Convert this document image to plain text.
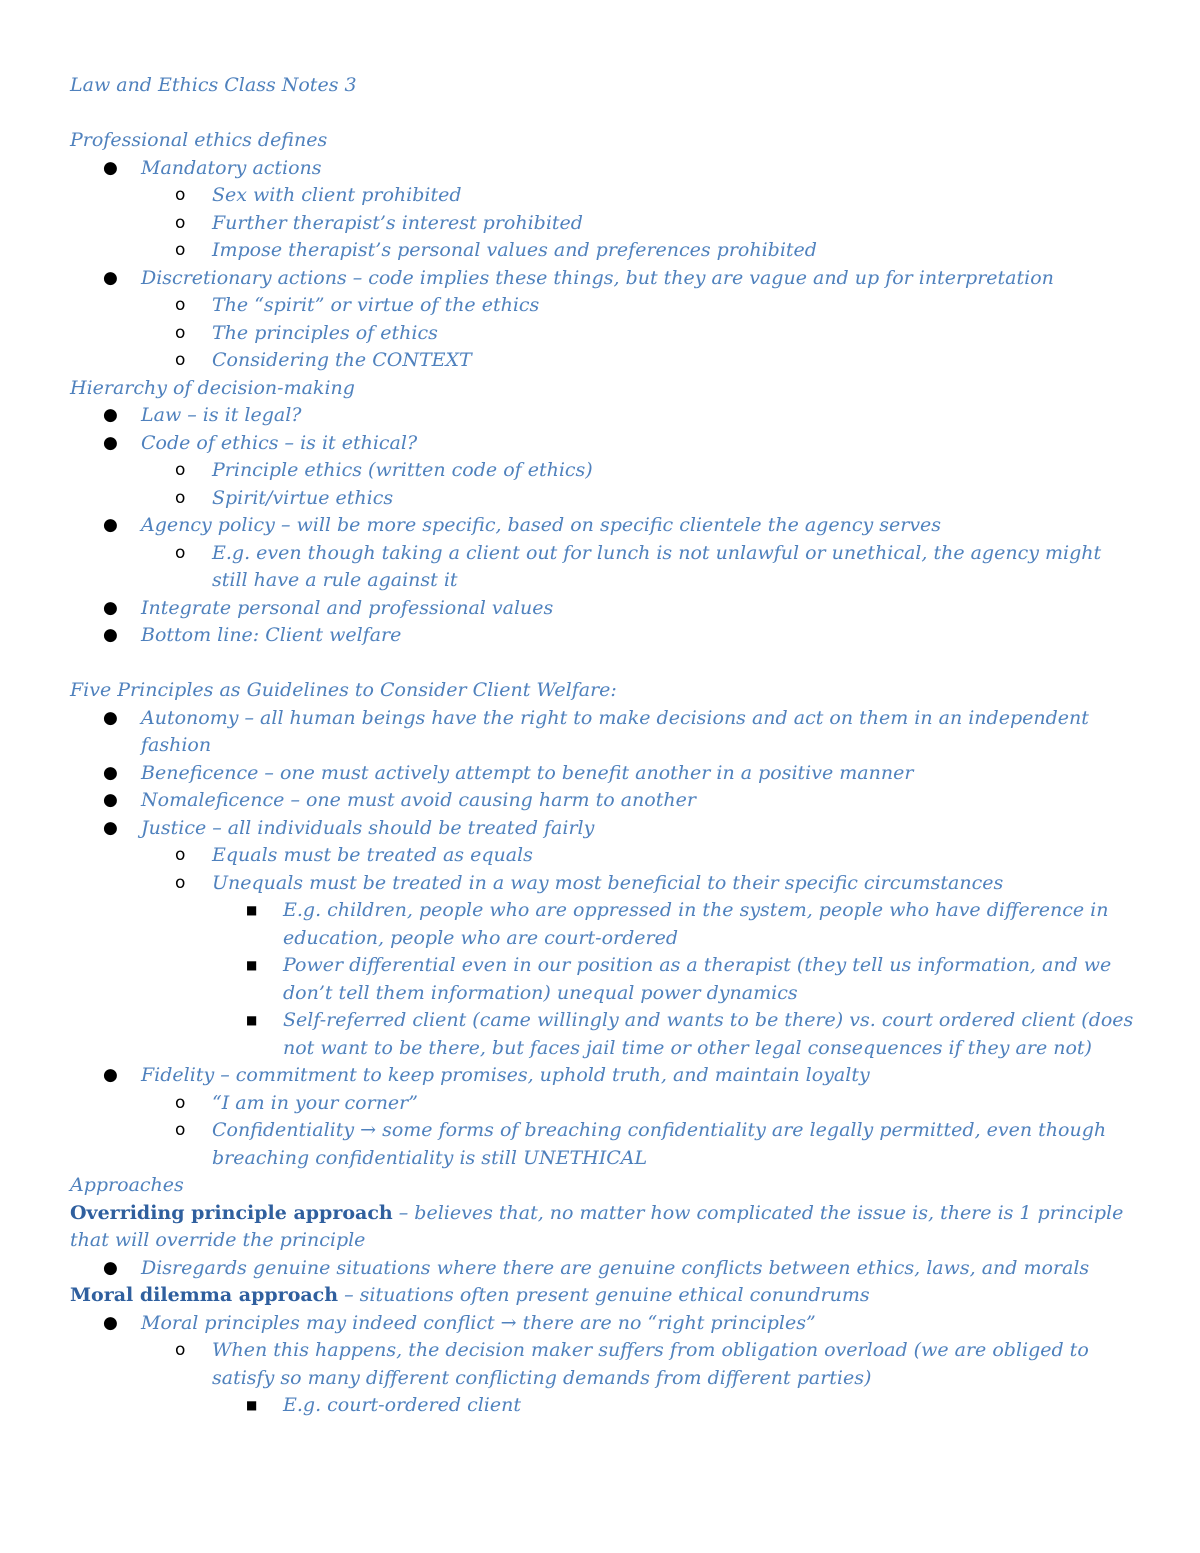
Law and Ethics Class Notes 3

Professional ethics defines

● Mandatory actions

o Sex with client prohibited

o Further therapist’s interest prohibited

o Impose therapist’s personal values and preferences prohibited

● Discretionary actions – code implies these things, but they are vague and up for interpretation

o The “spirit” or virtue of the ethics

o The principles of ethics

o Considering the CONTEXT

Hierarchy of decision-making

● Law – is it legal?

● Code of ethics – is it ethical?

o Principle ethics (written code of ethics)

o Spirit/virtue ethics

● Agency policy – will be more specific, based on specific clientele the agency serves

o E.g. even though taking a client out for lunch is not unlawful or unethical, the agency might still have a rule against it

● Integrate personal and professional values

● Bottom line: Client welfare

Five Principles as Guidelines to Consider Client Welfare:

● Autonomy – all human beings have the right to make decisions and act on them in an independent fashion

● Beneficence – one must actively attempt to benefit another in a positive manner

● Nomaleficence – one must avoid causing harm to another

● Justice – all individuals should be treated fairly

o Equals must be treated as equals

o Unequals must be treated in a way most beneficial to their specific circumstances

■ E.g. children, people who are oppressed in the system, people who have difference in education, people who are court-ordered

■ Power differential even in our position as a therapist (they tell us information, and we don’t tell them information) unequal power dynamics

■ Self-referred client (came willingly and wants to be there) vs. court ordered client (does not want to be there, but faces jail time or other legal consequences if they are not)

● Fidelity – commitment to keep promises, uphold truth, and maintain loyalty

o “I am in your corner”

o Confidentiality → some forms of breaching confidentiality are legally permitted, even though breaching confidentiality is still UNETHICAL

Approaches

Overriding principle approach – believes that, no matter how complicated the issue is, there is 1 principle that will override the principle

● Disregards genuine situations where there are genuine conflicts between ethics, laws, and morals

Moral dilemma approach – situations often present genuine ethical conundrums

● Moral principles may indeed conflict → there are no “right principles”

o When this happens, the decision maker suffers from obligation overload (we are obliged to satisfy so many different conflicting demands from different parties)

■ E.g. court-ordered client
